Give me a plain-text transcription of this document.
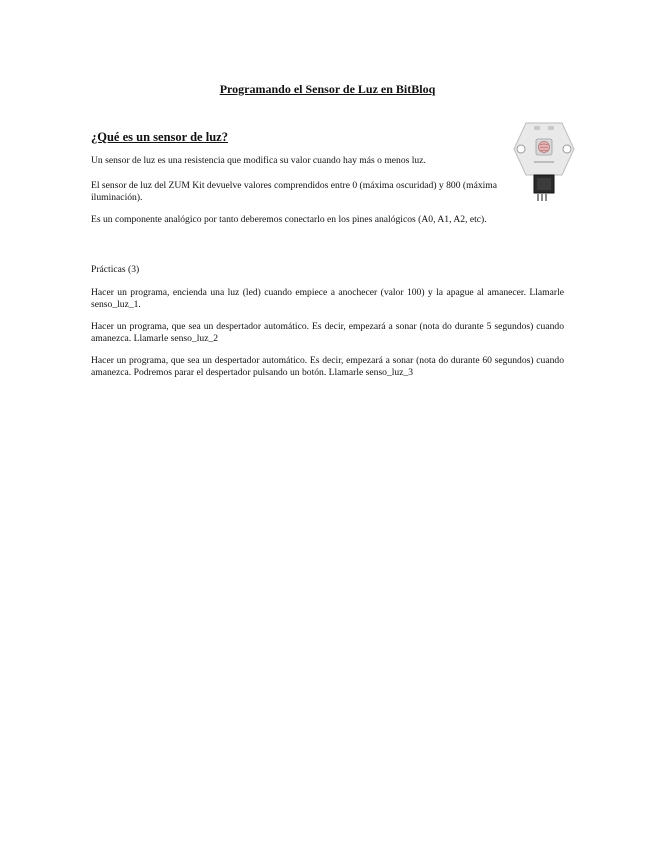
Programando el Sensor de Luz en BitBloq
¿Qué es un sensor de luz?

Un sensor de luz es una resistencia que modifica su valor cuando hay más o menos luz.

El sensor de luz del ZUM Kit devuelve valores comprendidos entre 0 (máxima oscuridad) y 800 (máxima iluminación).

Es un componente analógico por tanto deberemos conectarlo en los pines analógicos (A0, A1, A2, etc).

Prácticas (3)

Hacer un programa, encienda una luz (led) cuando empiece a anochecer (valor 100) y la apague al amanecer. Llamarle senso_luz_1.

Hacer un programa, que sea un despertador automático. Es decir, empezará a sonar (nota do durante 5 segundos) cuando amanezca. Llamarle senso_luz_2

Hacer un programa, que sea un despertador automático. Es decir, empezará a sonar (nota do durante 60 segundos) cuando amanezca. Podremos parar el despertador pulsando un botón. Llamarle senso_luz_3
